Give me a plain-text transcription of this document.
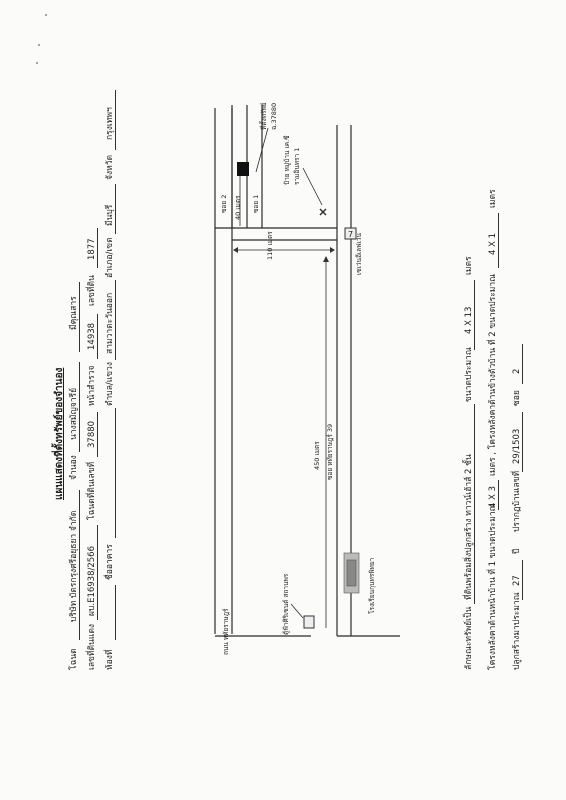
7
แผนแสดงที่ตั้งทรัพย์ของจำนอง
โฉนด
บริษัท บัตรกรุงศรีอยุธยา จำกัด
จำนอง
นางสมัญจารีย์
มีคุณสาร
เลขที่ดินแดง
ผบ.E16938/2566
โฉนดที่ดินเลขที่
37880
หน้าสำรวจ
14938
เลขที่ดิน
1877
ห้องที่
ชื่ออาคาร
ตำบล/แขวง
สามวาตะวันออก
อำเภอ/เขต
มีนบุรี
จังหวัด
กรุงเทพฯ
ถนน หทัยราษฎร์
ซอย หทัยราษฎร์ 39
450 เมตร
110 เมตร
40 เมตร
ซอย 2	ซอย 1
ที่ตั้งทรัพย์ ฉ.37880
ป้าย หมู่บ้าน เค.ซี รามอินทรา 1
เซเว่นอีเลฟเว่น
ตู้ฟ้าศิริเซนต์ สถานพร	โรงเรียนกุนทรพิทยา
ลักษณะทรัพย์เป็น
ที่ดินพร้อมสิ่งปลูกสร้าง ทาวน์เฮ้าส์ 2 ชั้น
ขนาดประมาณ
4 X 13
เมตร
โครงหลังคาด้านหน้าบ้าน ที่ 1 ขนาดประมาณ
4 X 3
เมตร , โครงหลังคาด้านข้างตัวบ้าน ที่ 2 ขนาดประมาณ
4 X 1
เมตร
ปลูกสร้างมาประมาณ
27
ปี
ปรากฏบ้านเลขที่
29/1503
ซอย
2
